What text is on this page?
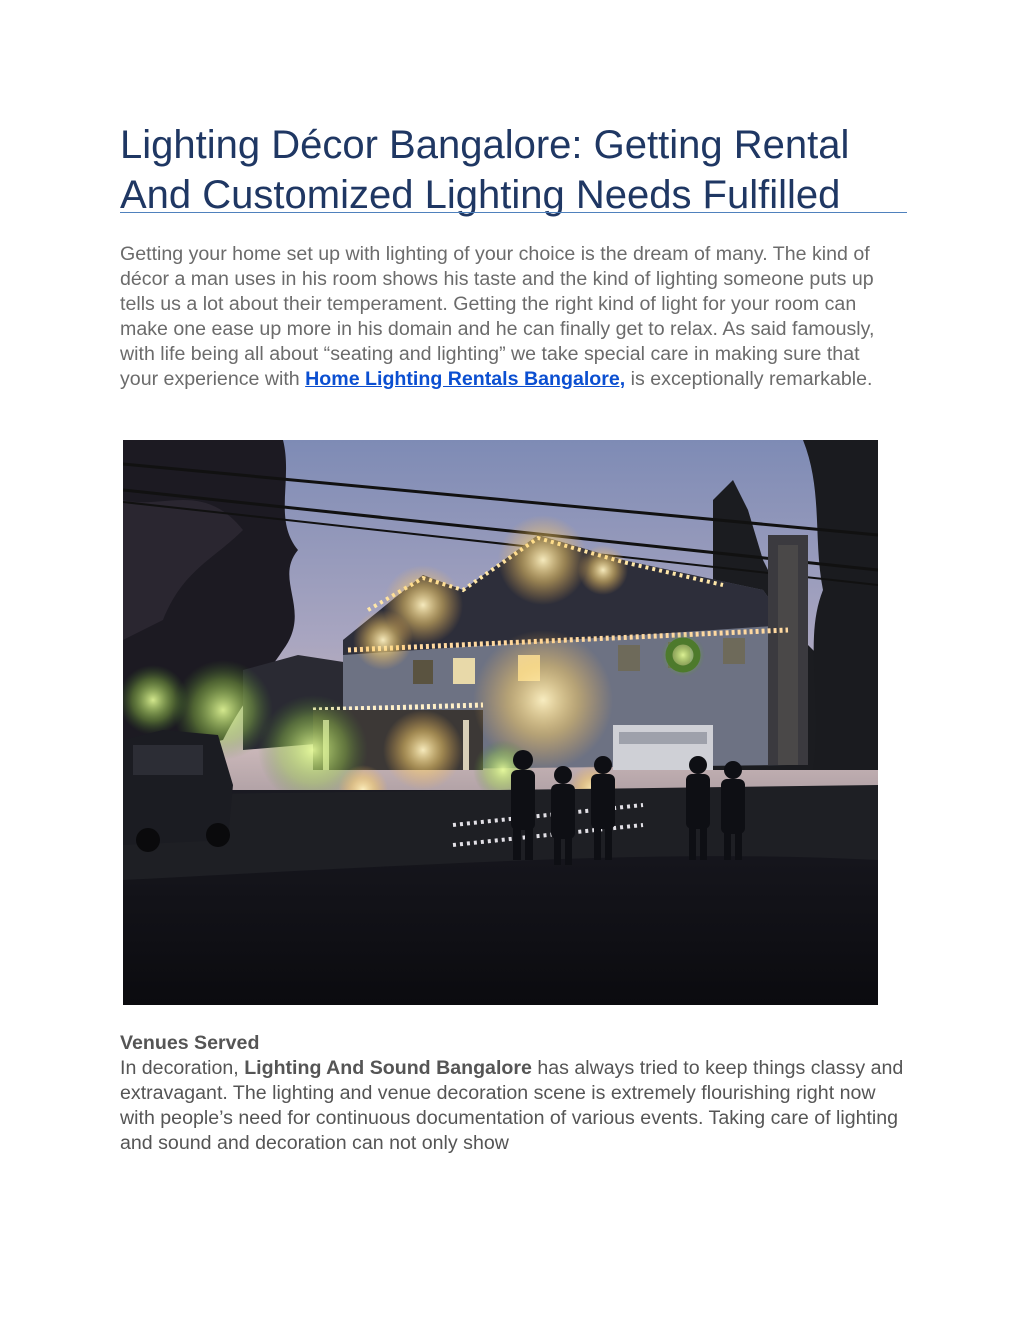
Lighting Décor Bangalore: Getting Rental And Customized Lighting Needs Fulfilled

Getting your home set up with lighting of your choice is the dream of many. The kind of décor a man uses in his room shows his taste and the kind of lighting someone puts up tells us a lot about their temperament. Getting the right kind of light for your room can make one ease up more in his domain and he can finally get to relax. As said famously, with life being all about “seating and lighting” we take special care in making sure that your experience with Home Lighting Rentals Bangalore, is exceptionally remarkable.

Venues Served

In decoration, Lighting And Sound Bangalore has always tried to keep things classy and extravagant. The lighting and venue decoration scene is extremely flourishing right now with people’s need for continuous documentation of various events. Taking care of lighting and sound and decoration can not only show
